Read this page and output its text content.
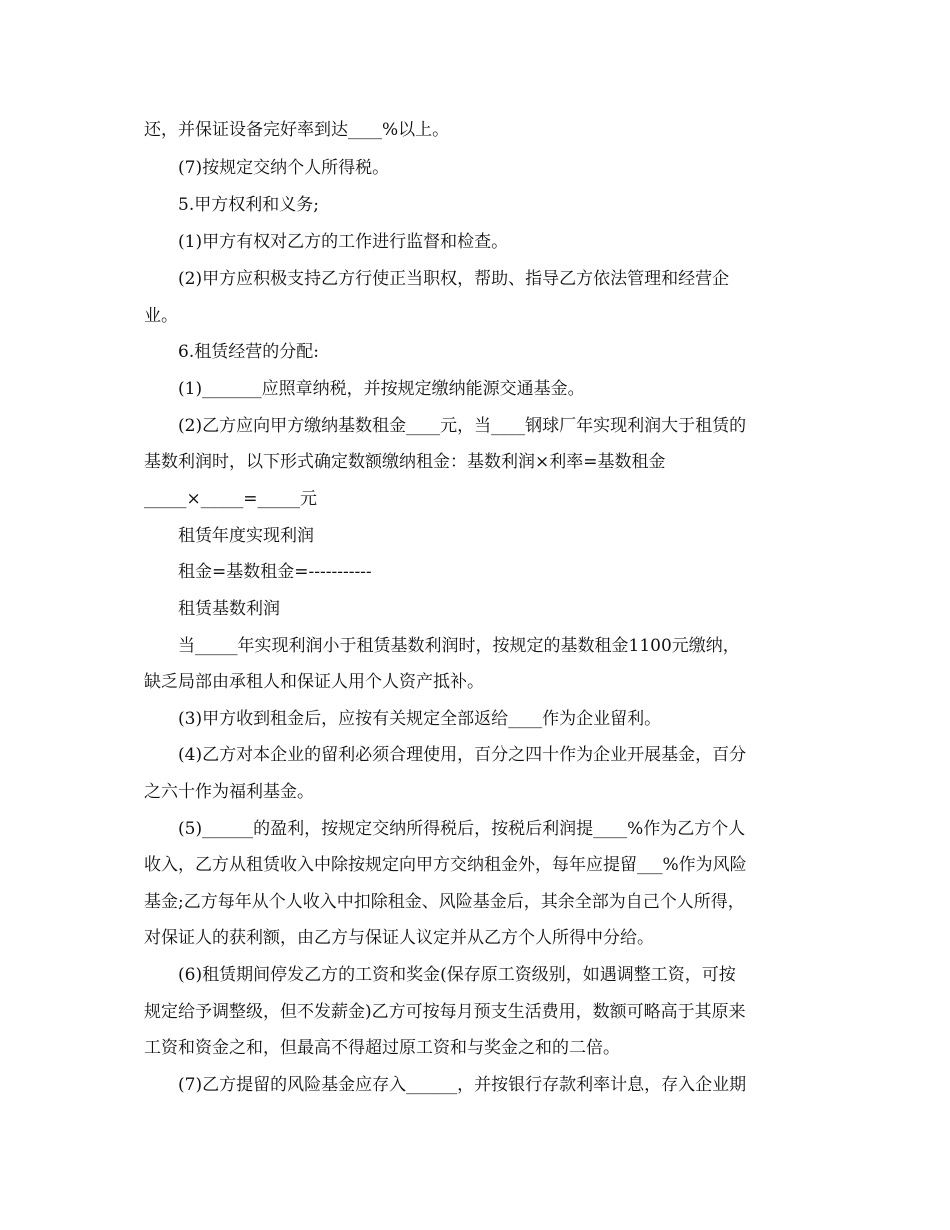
还，并保证设备完好率到达____%以上。
(7)按规定交纳个人所得税。
5.甲方权利和义务;
(1)甲方有权对乙方的工作进行监督和检查。
(2)甲方应积极支持乙方行使正当职权，帮助、指导乙方依法管理和经营企
业。
6.租赁经营的分配:
(1)_______应照章纳税，并按规定缴纳能源交通基金。
(2)乙方应向甲方缴纳基数租金____元，当____钢球厂年实现利润大于租赁的
基数利润时，以下形式确定数额缴纳租金：基数利润×利率=基数租金
_____×_____=_____元
租赁年度实现利润
租金=基数租金=-----------
租赁基数利润
当_____年实现利润小于租赁基数利润时，按规定的基数租金1100元缴纳，
缺乏局部由承租人和保证人用个人资产抵补。
(3)甲方收到租金后，应按有关规定全部返给____作为企业留利。
(4)乙方对本企业的留利必须合理使用，百分之四十作为企业开展基金，百分
之六十作为福利基金。
(5)______的盈利，按规定交纳所得税后，按税后利润提____%作为乙方个人
收入，乙方从租赁收入中除按规定向甲方交纳租金外，每年应提留___%作为风险
基金;乙方每年从个人收入中扣除租金、风险基金后，其余全部为自己个人所得，
对保证人的获利额，由乙方与保证人议定并从乙方个人所得中分给。
(6)租赁期间停发乙方的工资和奖金(保存原工资级别，如遇调整工资，可按
规定给予调整级，但不发薪金)乙方可按每月预支生活费用，数额可略高于其原来
工资和资金之和，但最高不得超过原工资和与奖金之和的二倍。
(7)乙方提留的风险基金应存入______，并按银行存款利率计息，存入企业期
